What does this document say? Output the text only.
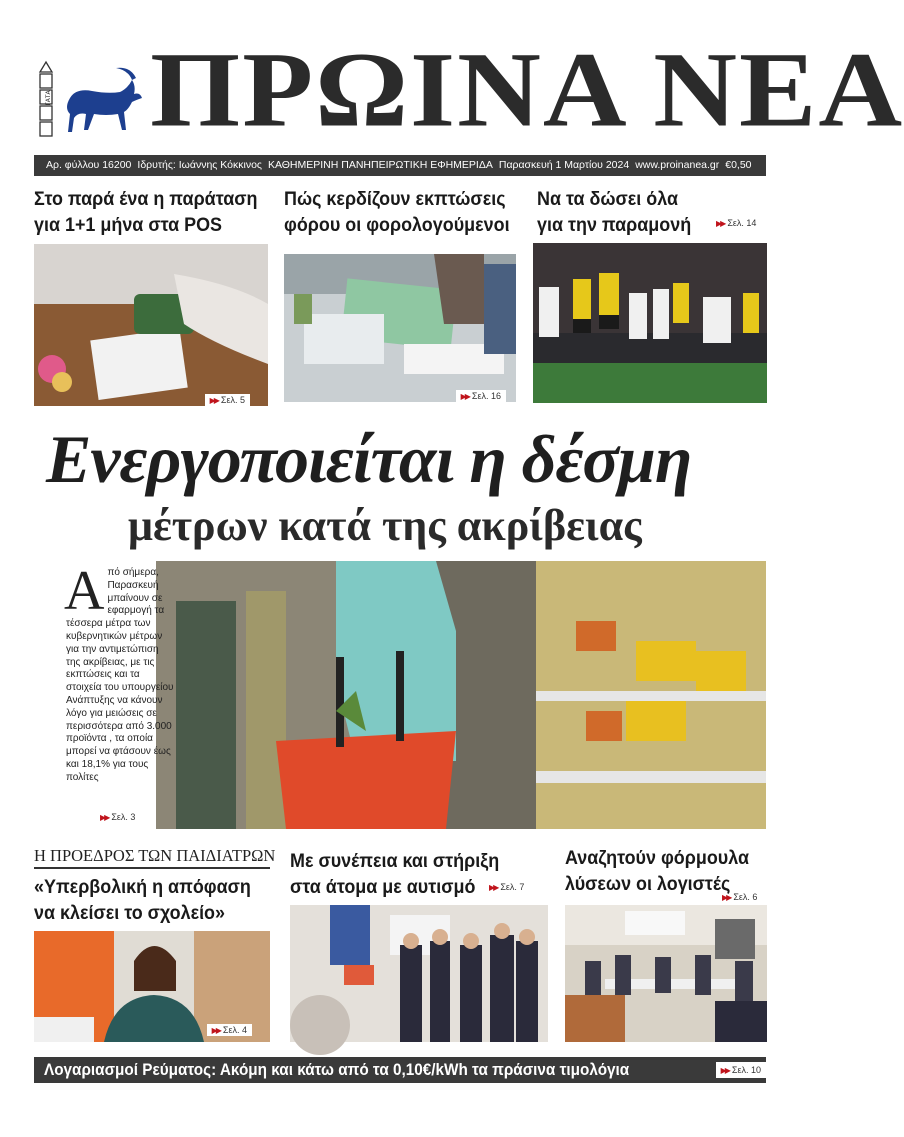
ΓΑΤΑ ΠΡΩΙΝΑ ΝΕΑ
Αρ. φύλλου 16200 Ιδρυτής: Ιωάννης Κόκκινος ΚΑΘΗΜΕΡΙΝΗ ΠΑΝΗΠΕΙΡΩΤΙΚΗ ΕΦΗΜΕΡΙΔΑ Παρασκευή 1 Μαρτίου 2024 www.proinanea.gr €0,50
Στο παρά ένα η παράταση
για 1+1 μήνα στα POS
▶▶ Σελ. 5
Πώς κερδίζουν εκπτώσεις
φόρου οι φορολογούμενοι
▶▶ Σελ. 16
Να τα δώσει όλα
για την παραμονή	▶▶ Σελ. 14
Ενεργοποιείται η δέσμη
μέτρων κατά της ακρίβειας
Από σήμερα, Παρασκευή μπαίνουν σε εφαρμογή τα τέσσερα μέτρα των κυβερνητικών μέτρων για την αντιμετώπιση της ακρίβειας, με τις εκπτώσεις και τα στοιχεία του υπουργείου Ανάπτυξης να κάνουν λόγο για μειώσεις σε περισσότερα από 3.000 προϊόντα , τα οποία μπορεί να φτάσουν έως και 18,1% για τους πολίτες
▶▶ Σελ. 3
Η ΠΡΟΕΔΡΟΣ ΤΩΝ ΠΑΙΔΙΑΤΡΩΝ
«Υπερβολική η απόφαση
να κλείσει το σχολείο»
▶▶ Σελ. 4
Με συνέπεια και στήριξη
στα άτομα με αυτισμό	▶▶ Σελ. 7
Αναζητούν φόρμουλα
λύσεων οι λογιστές
▶▶ Σελ. 6
Λογαριασμοί Ρεύματος: Ακόμη και κάτω από τα 0,10€/kWh τα πράσινα τιμολόγια	▶▶ Σελ. 10
